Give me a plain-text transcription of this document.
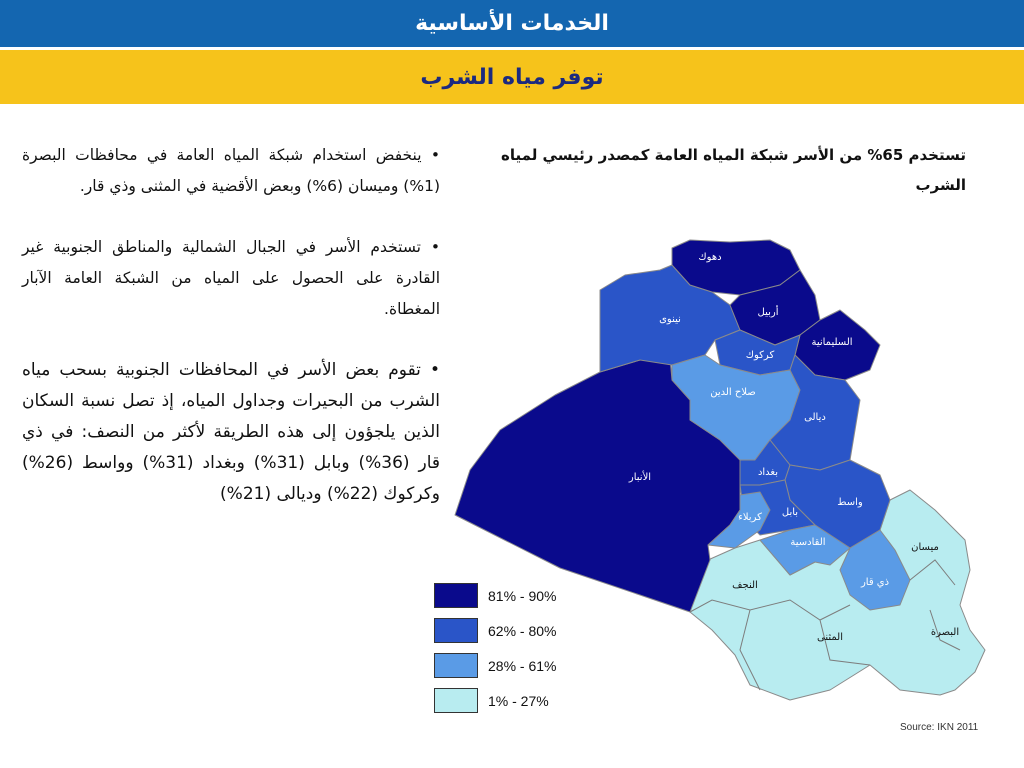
الخدمات الأساسية
توفر مياه الشرب

• ينخفض استخدام شبكة المياه العامة في محافظات البصرة (1%) وميسان (6%) وبعض الأقضية في المثنى وذي قار.

• تستخدم الأسر في الجبال الشمالية والمناطق الجنوبية غير القادرة على الحصول على المياه من الشبكة العامة الآبار المغطاة.

• تقوم بعض الأسر في المحافظات الجنوبية بسحب مياه الشرب من البحيرات وجداول المياه، إذ تصل نسبة السكان الذين يلجؤون إلى هذه الطريقة لأكثر من النصف: في ذي قار (36%) وبابل (31%) وبغداد (31%) وواسط (26%) وكركوك (22%) وديالى (21%)

تستخدم 65% من الأسر شبكة المياه العامة كمصدر رئيسي لمياه الشرب
دهوك
نينوى
أربيل
السليمانية
كركوك
صلاح الدين
ديالى
الأنبار	بغداد
واسط
كربلاء بابل
القادسية	ميسان
النجف	ذي قار
المثنى	البصرة
81% - 90%
62% - 80%
28% - 61%
1% - 27%
Source: IKN 2011
